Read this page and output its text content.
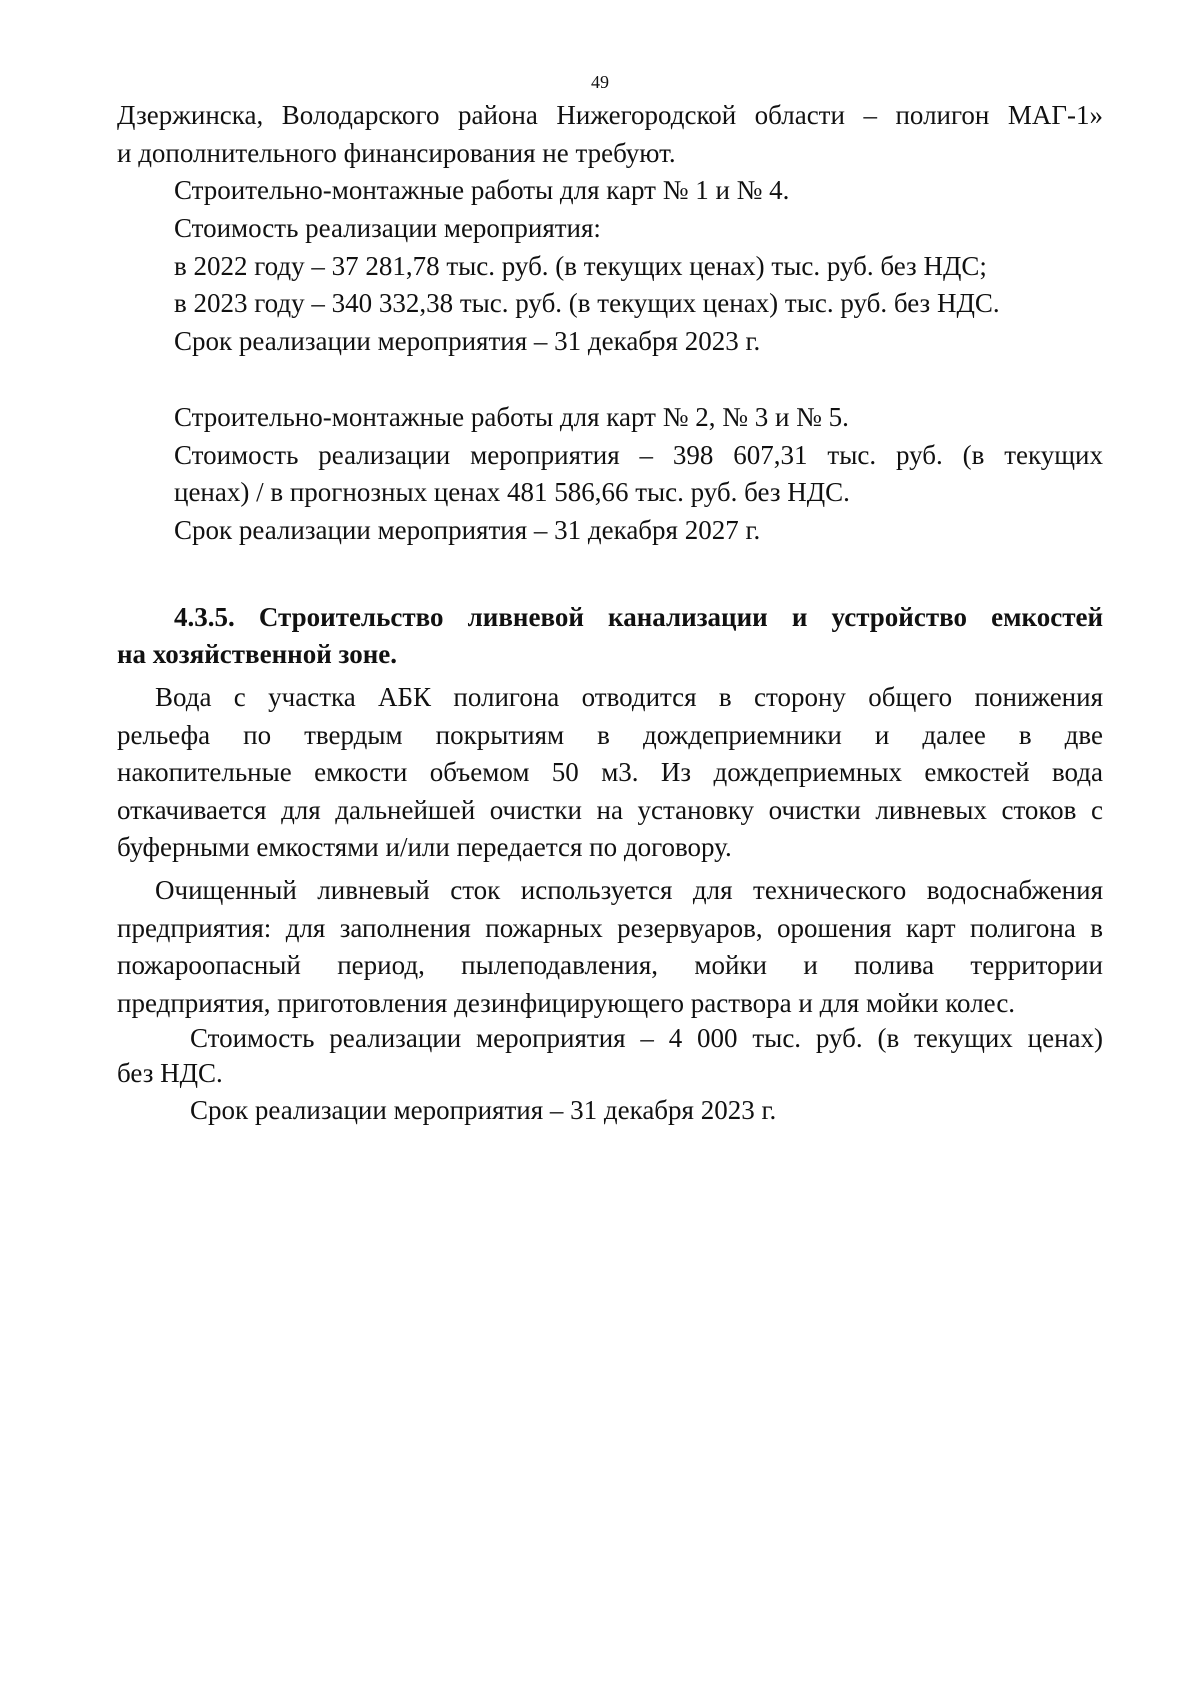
49
Дзержинска, Володарского района Нижегородской области – полигон МАГ-1»
и дополнительного финансирования не требуют.
Строительно-монтажные работы для карт № 1 и № 4.
Стоимость реализации мероприятия:
в 2022 году – 37 281,78 тыс. руб. (в текущих ценах) тыс. руб. без НДС;
в 2023 году – 340 332,38 тыс. руб. (в текущих ценах) тыс. руб. без НДС.
Срок реализации мероприятия – 31 декабря 2023 г.
Строительно-монтажные работы для карт № 2, № 3 и № 5.
Стоимость реализации мероприятия – 398 607,31 тыс. руб. (в текущих
ценах) / в прогнозных ценах 481 586,66 тыс. руб. без НДС.
Срок реализации мероприятия – 31 декабря 2027 г.
4.3.5. Строительство ливневой канализации и устройство емкостей
на хозяйственной зоне.
Вода с участка АБК полигона отводится в сторону общего понижения
рельефа по твердым покрытиям в дождеприемники и далее в две
накопительные емкости объемом 50 м3. Из дождеприемных емкостей вода
откачивается для дальнейшей очистки на установку очистки ливневых стоков с
буферными емкостями и/или передается по договору.
Очищенный ливневый сток используется для технического водоснабжения
предприятия: для заполнения пожарных резервуаров, орошения карт полигона в
пожароопасный период, пылеподавления, мойки и полива территории
предприятия, приготовления дезинфицирующего раствора и для мойки колес.
Стоимость реализации мероприятия – 4 000 тыс. руб. (в текущих ценах)
без НДС.
Срок реализации мероприятия – 31 декабря 2023 г.
